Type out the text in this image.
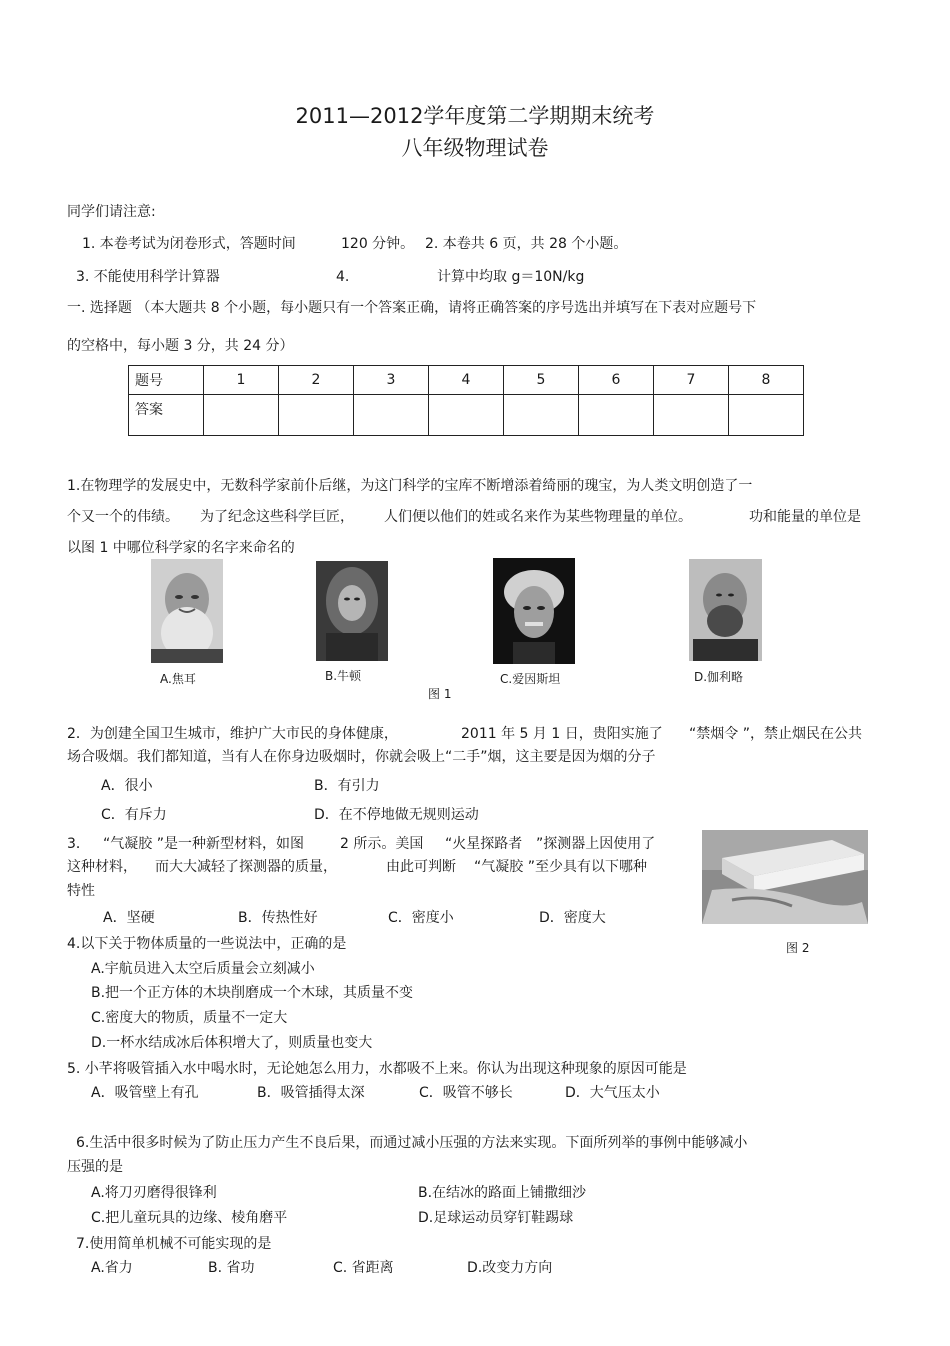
2011—2012学年度第二学期期末统考
八年级物理试卷
同学们请注意:
1. 本卷考试为闭卷形式，答题时间	120 分钟。 2. 本卷共 6 页，共 28 个小题。
3. 不能使用科学计算器	4.	计算中均取 g＝10N/kg
一. 选择题 （本大题共 8 个小题，每小题只有一个答案正确，请将正确答案的序号选出并填写在下表对应题号下
的空格中，每小题 3 分，共 24 分）
题号	1	2	3	4	5	6	7	8
答案								
1.在物理学的发展史中，无数科学家前仆后继，为这门科学的宝库不断增添着绮丽的瑰宝，为人类文明创造了一
个又一个的伟绩。 为了纪念这些科学巨匠， 人们便以他们的姓或名来作为某些物理量的单位。	功和能量的单位是
以图 1 中哪位科学家的名字来命名的
A.焦耳	B.牛顿	C.爱因斯坦	D.伽利略
图 1
2．为创建全国卫生城市，维护广大市民的身体健康，	2011 年 5 月 1 日，贵阳实施了 “禁烟令 ”，禁止烟民在公共
场合吸烟。我们都知道，当有人在你身边吸烟时，你就会吸上“二手”烟，这主要是因为烟的分子
A．很小	B．有引力
C．有斥力	D．在不停地做无规则运动
3． “气凝胶 ”是一种新型材料，如图	2 所示。美国 “火星探路者 ”探测器上因使用了
这种材料， 而大大减轻了探测器的质量，	由此可判断 “气凝胶 ”至少具有以下哪种
特性
A．坚硬	B．传热性好	C．密度小	D．密度大
图 2
4.以下关于物体质量的一些说法中，正确的是
A.宇航员进入太空后质量会立刻减小
B.把一个正方体的木块削磨成一个木球，其质量不变
C.密度大的物质，质量不一定大
D.一杯水结成冰后体积增大了，则质量也变大
5. 小芊将吸管插入水中喝水时，无论她怎么用力，水都吸不上来。你认为出现这种现象的原因可能是
A．吸管壁上有孔	B．吸管插得太深	C．吸管不够长	D．大气压太小
6.生活中很多时候为了防止压力产生不良后果，而通过减小压强的方法来实现。下面所列举的事例中能够减小
压强的是
A.将刀刃磨得很锋利	B.在结冰的路面上铺撒细沙
C.把儿童玩具的边缘、棱角磨平	D.足球运动员穿钉鞋踢球
7.使用简单机械不可能实现的是
A.省力	B. 省功	C. 省距离	D.改变力方向
